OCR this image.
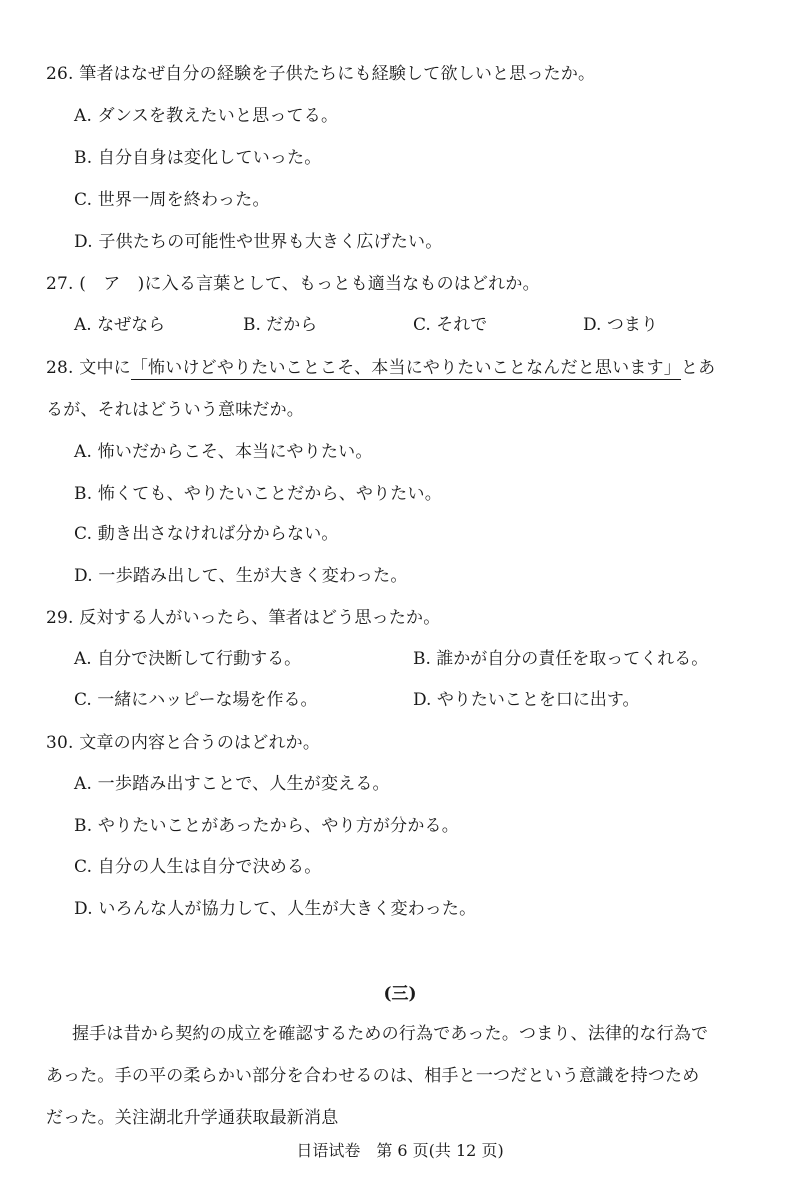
26. 筆者はなぜ自分の経験を子供たちにも経験して欲しいと思ったか。
A. ダンスを教えたいと思ってる。
B. 自分自身は変化していった。
C. 世界一周を終わった。
D. 子供たちの可能性や世界も大きく広げたい。
27. (　ア　)に入る言葉として、もっとも適当なものはどれか。
A. なぜなら	B. だから	C. それで	D. つまり
28. 文中に「怖いけどやりたいことこそ、本当にやりたいことなんだと思います」とあ
るが、それはどういう意味だか。
A. 怖いだからこそ、本当にやりたい。
B. 怖くても、やりたいことだから、やりたい。
C. 動き出さなければ分からない。
D. 一歩踏み出して、生が大きく変わった。
29. 反対する人がいったら、筆者はどう思ったか。
A. 自分で決断して行動する。	B. 誰かが自分の責任を取ってくれる。
C. 一緒にハッピーな場を作る。	D. やりたいことを口に出す。
30. 文章の内容と合うのはどれか。
A. 一歩踏み出すことで、人生が変える。
B. やりたいことがあったから、やり方が分かる。
C. 自分の人生は自分で決める。
D. いろんな人が協力して、人生が大きく変わった。
(三)
握手は昔から契約の成立を確認するための行為であった。つまり、法律的な行為で
あった。手の平の柔らかい部分を合わせるのは、相手と一つだという意識を持つため
だった。关注湖北升学通获取最新消息
日语试卷　第 6 页(共 12 页)
